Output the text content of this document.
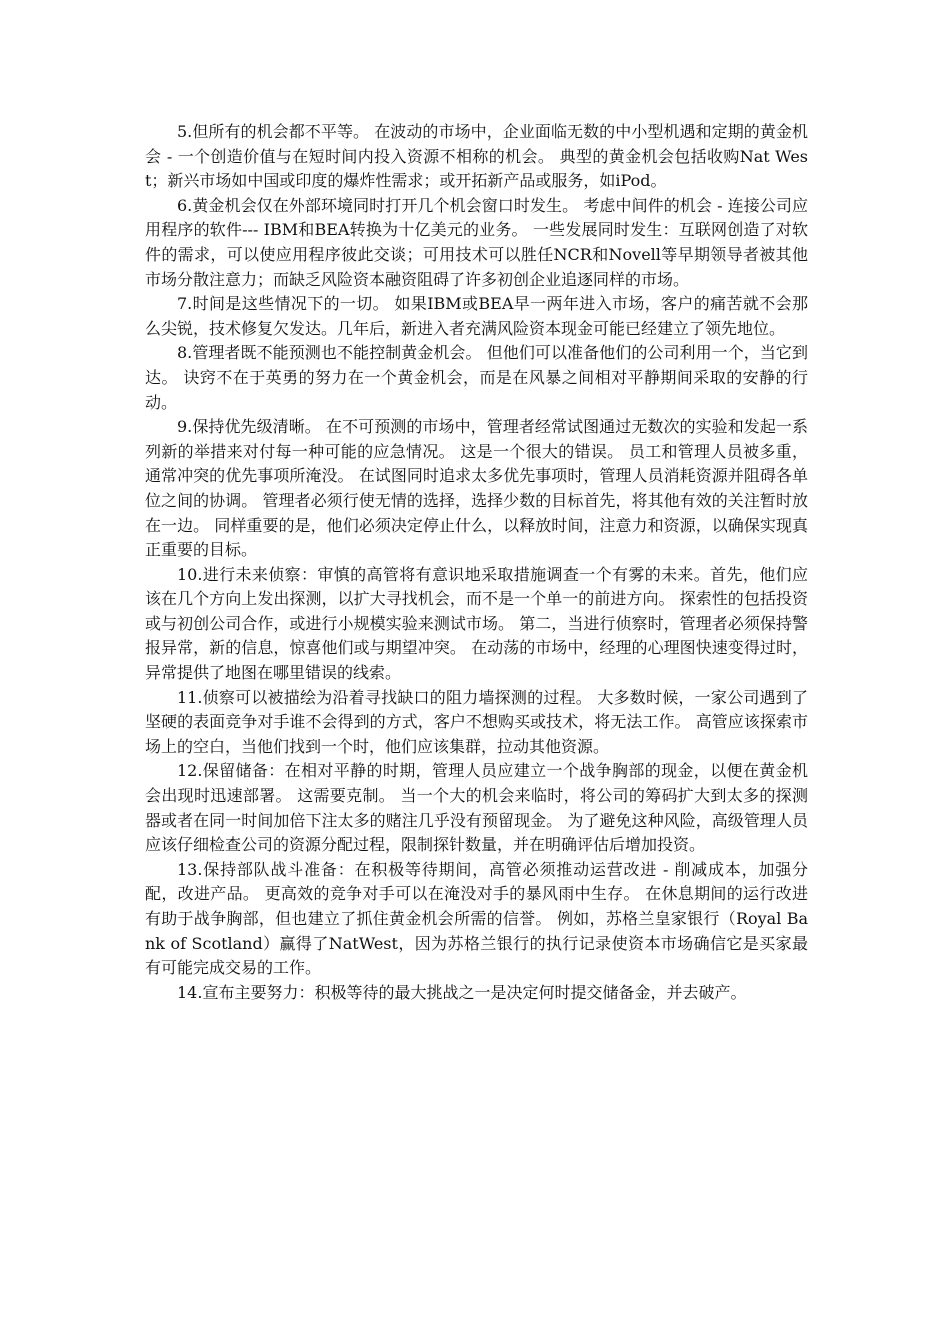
5.但所有的机会都不平等。 在波动的市场中，企业面临无数的中小型机遇和定期的黄金机会 - 一个创造价值与在短时间内投入资源不相称的机会。 典型的黄金机会包括收购Nat West；新兴市场如中国或印度的爆炸性需求；或开拓新产品或服务，如iPod。

6.黄金机会仅在外部环境同时打开几个机会窗口时发生。 考虑中间件的机会 - 连接公司应用程序的软件--- IBM和BEA转换为十亿美元的业务。 一些发展同时发生：互联网创造了对软件的需求，可以使应用程序彼此交谈；可用技术可以胜任NCR和Novell等早期领导者被其他市场分散注意力；而缺乏风险资本融资阻碍了许多初创企业追逐同样的市场。

7.时间是这些情况下的一切。 如果IBM或BEA早一两年进入市场，客户的痛苦就不会那么尖锐，技术修复欠发达。几年后，新进入者充满风险资本现金可能已经建立了领先地位。

8.管理者既不能预测也不能控制黄金机会。 但他们可以准备他们的公司利用一个，当它到达。 诀窍不在于英勇的努力在一个黄金机会，而是在风暴之间相对平静期间采取的安静的行动。

9.保持优先级清晰。 在不可预测的市场中，管理者经常试图通过无数次的实验和发起一系列新的举措来对付每一种可能的应急情况。 这是一个很大的错误。 员工和管理人员被多重，通常冲突的优先事项所淹没。 在试图同时追求太多优先事项时，管理人员消耗资源并阻碍各单位之间的协调。 管理者必须行使无情的选择，选择少数的目标首先，将其他有效的关注暂时放在一边。 同样重要的是，他们必须决定停止什么，以释放时间，注意力和资源，以确保实现真正重要的目标。

10.进行未来侦察：审慎的高管将有意识地采取措施调查一个有雾的未来。首先，他们应该在几个方向上发出探测，以扩大寻找机会，而不是一个单一的前进方向。 探索性的包括投资或与初创公司合作，或进行小规模实验来测试市场。 第二，当进行侦察时，管理者必须保持警报异常，新的信息，惊喜他们或与期望冲突。 在动荡的市场中，经理的心理图快速变得过时，异常提供了地图在哪里错误的线索。

11.侦察可以被描绘为沿着寻找缺口的阻力墙探测的过程。 大多数时候，一家公司遇到了坚硬的表面竞争对手谁不会得到的方式，客户不想购买或技术，将无法工作。 高管应该探索市场上的空白，当他们找到一个时，他们应该集群，拉动其他资源。

12.保留储备：在相对平静的时期，管理人员应建立一个战争胸部的现金，以便在黄金机会出现时迅速部署。 这需要克制。 当一个大的机会来临时，将公司的筹码扩大到太多的探测器或者在同一时间加倍下注太多的赌注几乎没有预留现金。 为了避免这种风险，高级管理人员应该仔细检查公司的资源分配过程，限制探针数量，并在明确评估后增加投资。

13.保持部队战斗准备：在积极等待期间，高管必须推动运营改进 - 削减成本，加强分配，改进产品。 更高效的竞争对手可以在淹没对手的暴风雨中生存。 在休息期间的运行改进有助于战争胸部，但也建立了抓住黄金机会所需的信誉。 例如，苏格兰皇家银行（Royal Bank of Scotland）赢得了NatWest，因为苏格兰银行的执行记录使资本市场确信它是买家最有可能完成交易的工作。

14.宣布主要努力：积极等待的最大挑战之一是决定何时提交储备金，并去破产。
